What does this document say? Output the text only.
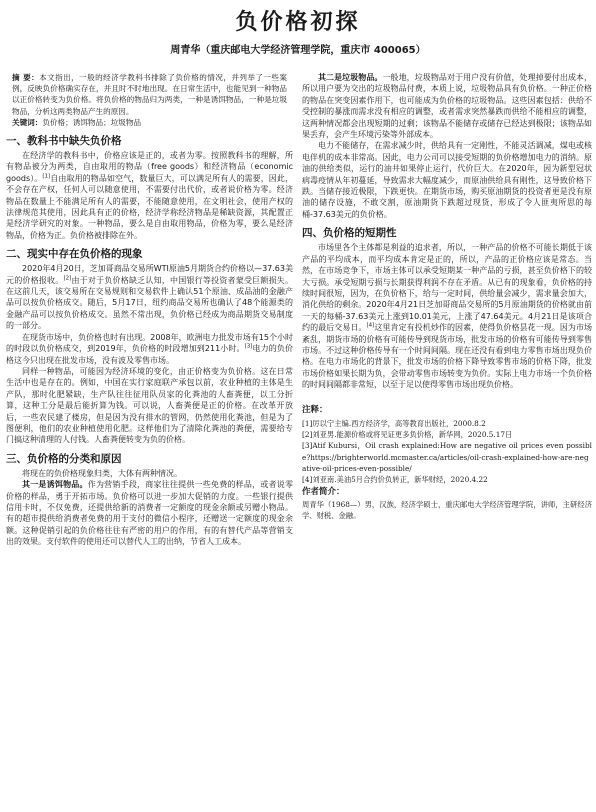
负价格初探
周青华（重庆邮电大学经济管理学院，重庆市 400065）
摘 要：本文指出，一般的经济学教科书排除了负价格的情况，并列举了一些案例，反映负价格确实存在，并且时不时地出现。在日常生活中，也能见到一种物品以正价格转变为负价格。将负价格的物品归为两类，一种是诱饵物品，一种是垃圾物品，分析这两类物品产生的原因。
关键词：负价格；诱饵物品；垃圾物品
一、教科书中缺失负价格

在经济学的教科书中，价格应该是正的，或者为零。按照教科书的理解，所有物品被分为两类，自由取用的物品（free goods）和经济物品（economic goods）。[1]自由取用的物品如空气，数量巨大，可以满足所有人的需要，因此，不会存在产权，任何人可以随意使用，不需要付出代价，或者说价格为零。经济物品在数量上不能满足所有人的需要，不能随意使用，在文明社会，使用产权的法律规范其使用，因此具有正的价格，经济学称经济物品是稀缺资源，其配置正是经济学研究的对象。一种物品，要么是自由取用物品，价格为零，要么是经济物品，价格为正。负价格被排除在外。

二、现实中存在负价格的现象

2020年4月20日，芝加哥商品交易所WTI原油5月期货合约价格以—37.63美元的价格报收。[2]由于对于负价格缺乏认知，中国银行等投资者蒙受巨额损失。在这前几天，该交易所在交易规则和交易软件上确认51个原油、成品油的金融产品可以按负价格成交。随后，5月17日，纽约商品交易所也确认了48个能源类的金融产品可以按负价格成交。虽然不常出现，负价格已经成为商品期货交易制度的一部分。

在现货市场中，负价格也时有出现。2008年，欧洲电力批发市场有15个小时的时段以负价格成交，到2019年，负价格的时段增加到211小时。[3]电力的负价格这今只出现在批发市场，没有波及零售市场。

同样一种物品，可能因为经济环境的变化，由正价格变为负价格。这在日常生活中也是存在的。例如，中国在实行家庭联产承包以前，农业种植的主体是生产队，那时化肥紧缺，生产队往往征用队员家的化粪池的人畜粪便，以工分折算，这种工分是最后能折算为钱。可以说，人畜粪便是正的价格。在改革开放后，一些农民建了楼房，但是因为没有排水的管网，仍然使用化粪池，但是为了图便利，他们的农业种植使用化肥。这样他们为了清除化粪池的粪便，需要给专门搞这种清理的人付钱。人畜粪便转变为负的价格。

三、负价格的分类和原因

将现在的负价格现象归类，大体有两种情况。

其一是诱饵物品。作为营销手段，商家往往提供一些免费的样品，或者说零价格的样品，勇于开拓市场。负价格可以进一步加大促销的力度。一些银行提供信用卡时，不仅免费，还提供给新的消费者一定额度的现金余额或另赠小物品。有的超市提供给消费者免费的用于支付的微信小程序，还赠送一定额度的现金余额。这种促销引起的负价格往往有严密的用户的作用，有的有替代产品等营销支出的效果。支付软件的使用还可以替代人工的出纳，节省人工成本。

其二是垃圾物品。一般地，垃圾物品对于用户没有价值，处理掉要付出成本，所以用户要为交出的垃圾物品付费，本质上说，垃圾物品具有负价格。一种正价格的物品在突变因素作用下，也可能成为负价格的垃圾物品。这些因素包括：供给不受控制的暴涨而需求没有相应的调整，或者需求突然暴跌而供给不能相应的调整，这两种情况都会出现短期的过剩；该物品不能储存或储存已经达到极限；该物品如果丢弃，会产生环境污染等外部成本。

电力不能储存，在需求减少时，供给具有一定刚性，不能灵活调减，煤电或核电伴机的成本非常高。因此，电力公司可以接受短期的负价格增加电力的消纳。原油的供给类似，运行的油井如果停止运行，代价巨大。在2020年，因为新型冠状病毒疫情从年初蔓延，导致需求大幅度减少，而原油供给具有刚性，这导致价格下跌。当储存接近极限，下跌更快。在期货市场，购买原油期货的投资者更是没有原油的储存设施，不敢交割，原油期货下跌超过现货，形成了令人匪夷所思的每桶-37.63美元的负价格。

四、负价格的短期性

市场里各个主体都是利益的追求者，所以，一种产品的价格不可能长期低于该产品的平均成本，而平均成本肯定是正的，所以，产品的正价格应该是常态。当然，在市场竞争下，市场主体可以承受短期某一种产品的亏损，甚至负价格下的较大亏损。承受短期亏损与长期获得利润不存在矛盾。从已有的现象看，负价格的持续时间很短，因为，在负价格下，给与一定时间，供给量会减少，需求量会加大，消化供给的剩余。2020年4月21日芝加哥商品交易所的5月原油期货的价格就由前一天的每桶-37.63美元上涨到10.01美元，上涨了47.64美元。4月21日是该项合约的最后交易日。[4]这里肯定有投机炒作的因素，使得负价格昙花一现。因为市场紊乱，期货市场的价格有可能传导到现货市场，批发市场的价格有可能传导到零售市场。不过这种价格传导有一个时间间隔。现在还没有看到电力零售市场出现负价格。在电力市场化的背景下，批发市场的价格下降导致零售市场的价格下降，批发市场价格如果长期为负，会带动零售市场转变为负价。实际上电力市场一个负价格的时间间隔都非常短，以至于足以使得零售市场出现负价格。

注释：
[1]厉以宁主编.西方经济学，高等教育出版社，2000.8.2
[2]刘亚男.能源价格或将见证更多负价格，新华网，2020.5.17日
[3]Atif Kubursi，Oil crash explained:How are negative oil prices even possible?https://brighterworld.mcmaster.ca/articles/oil-crash-explained-how-are-negative-oil-prices-even-possible/
[4]刘亚南.美油5月合约价负转正，新华财经，2020.4.22
作者简介：
周青华（1968—）男，汉族，经济学硕士，重庆邮电大学经济管理学院，讲师，主研经济学、财税、金融。
